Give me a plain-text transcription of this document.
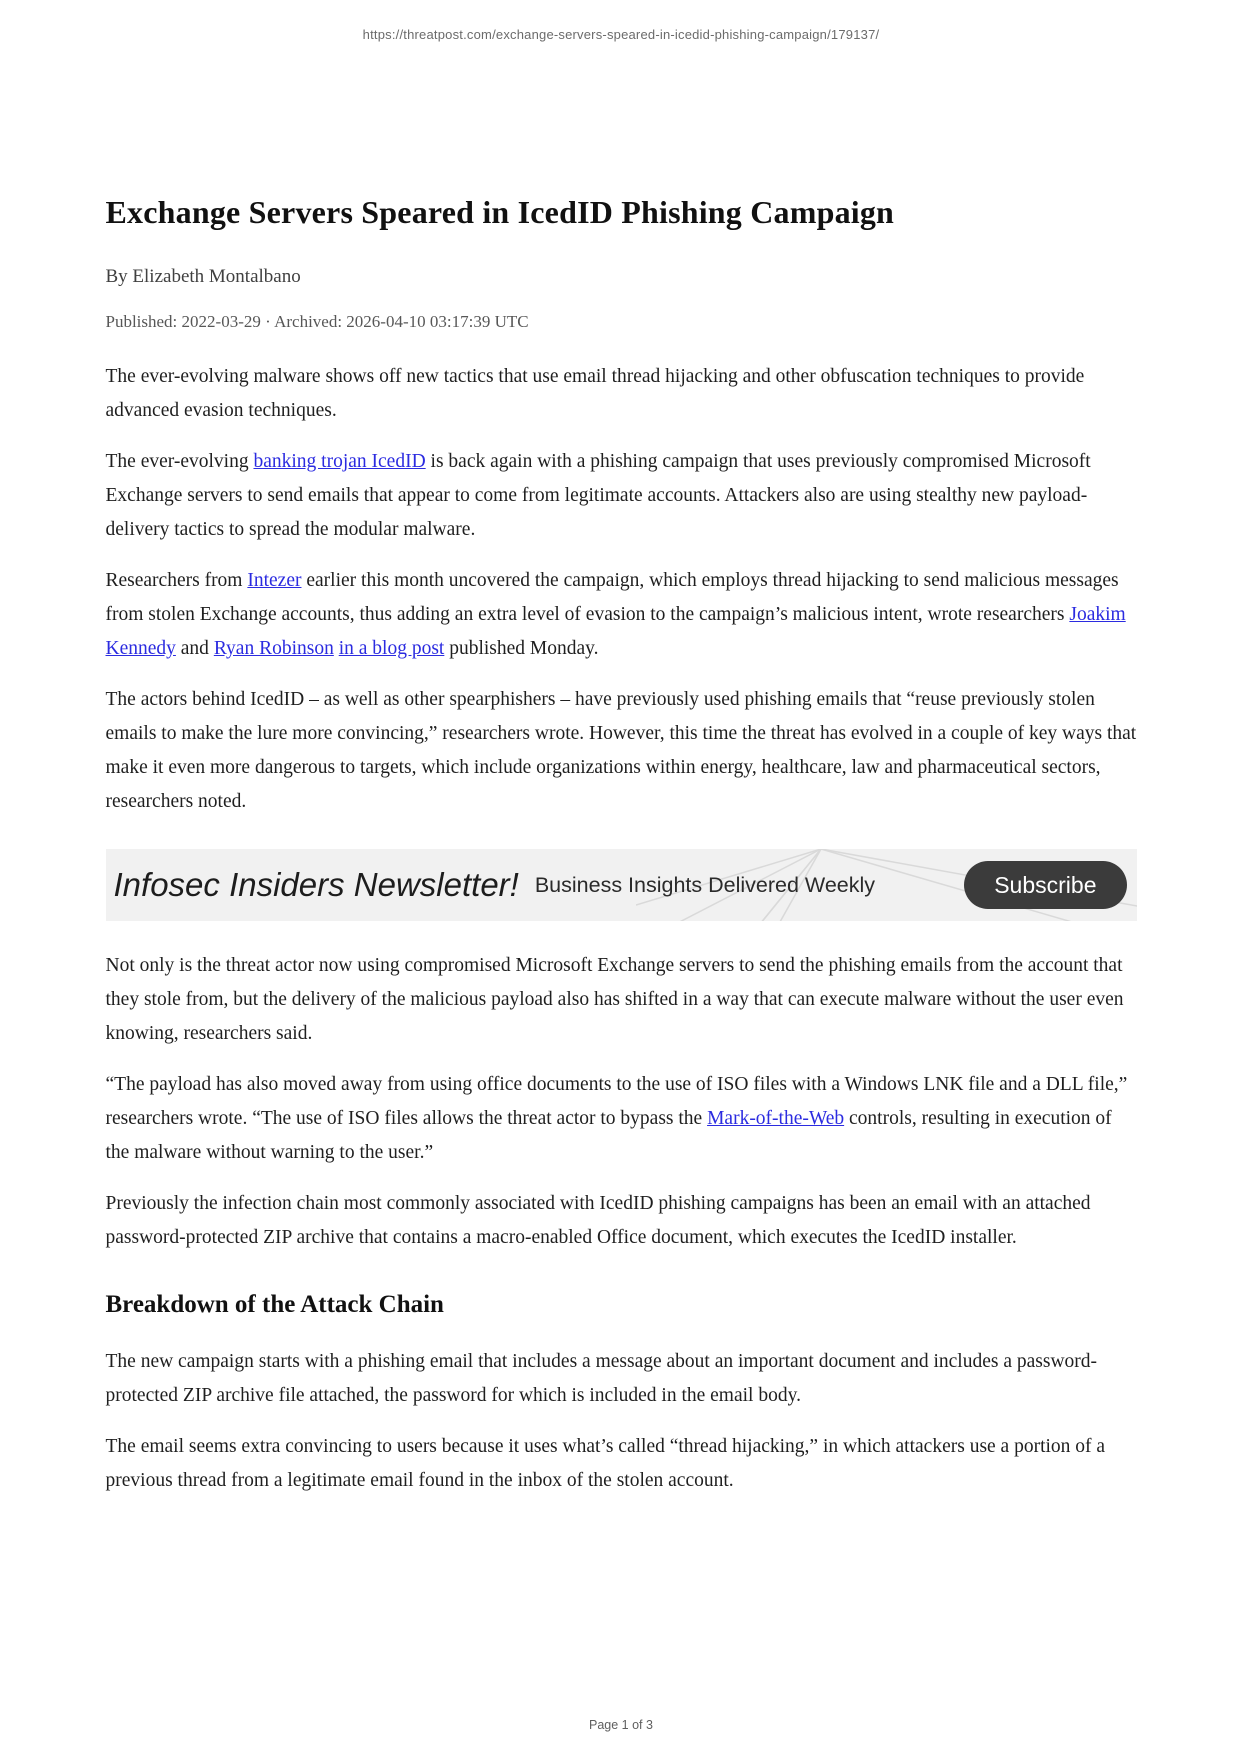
https://threatpost.com/exchange-servers-speared-in-icedid-phishing-campaign/179137/
Exchange Servers Speared in IcedID Phishing Campaign
By Elizabeth Montalbano
Published: 2022-03-29 · Archived: 2026-04-10 03:17:39 UTC

The ever-evolving malware shows off new tactics that use email thread hijacking and other obfuscation techniques to provide advanced evasion techniques.

The ever-evolving banking trojan IcedID is back again with a phishing campaign that uses previously compromised Microsoft Exchange servers to send emails that appear to come from legitimate accounts. Attackers also are using stealthy new payload-delivery tactics to spread the modular malware.

Researchers from Intezer earlier this month uncovered the campaign, which employs thread hijacking to send malicious messages from stolen Exchange accounts, thus adding an extra level of evasion to the campaign’s malicious intent, wrote researchers Joakim Kennedy and Ryan Robinson in a blog post published Monday.

The actors behind IcedID – as well as other spearphishers – have previously used phishing emails that “reuse previously stolen emails to make the lure more convincing,” researchers wrote. However, this time the threat has evolved in a couple of key ways that make it even more dangerous to targets, which include organizations within energy, healthcare, law and pharmaceutical sectors, researchers noted.

Infosec Insiders Newsletter! Business Insights Delivered Weekly	Subscribe

Not only is the threat actor now using compromised Microsoft Exchange servers to send the phishing emails from the account that they stole from, but the delivery of the malicious payload also has shifted in a way that can execute malware without the user even knowing, researchers said.

“The payload has also moved away from using office documents to the use of ISO files with a Windows LNK file and a DLL file,” researchers wrote. “The use of ISO files allows the threat actor to bypass the Mark-of-the-Web controls, resulting in execution of the malware without warning to the user.”

Previously the infection chain most commonly associated with IcedID phishing campaigns has been an email with an attached password-protected ZIP archive that contains a macro-enabled Office document, which executes the IcedID installer.

Breakdown of the Attack Chain

The new campaign starts with a phishing email that includes a message about an important document and includes a password-protected ZIP archive file attached, the password for which is included in the email body.

The email seems extra convincing to users because it uses what’s called “thread hijacking,” in which attackers use a portion of a previous thread from a legitimate email found in the inbox of the stolen account.

Page 1 of 3
